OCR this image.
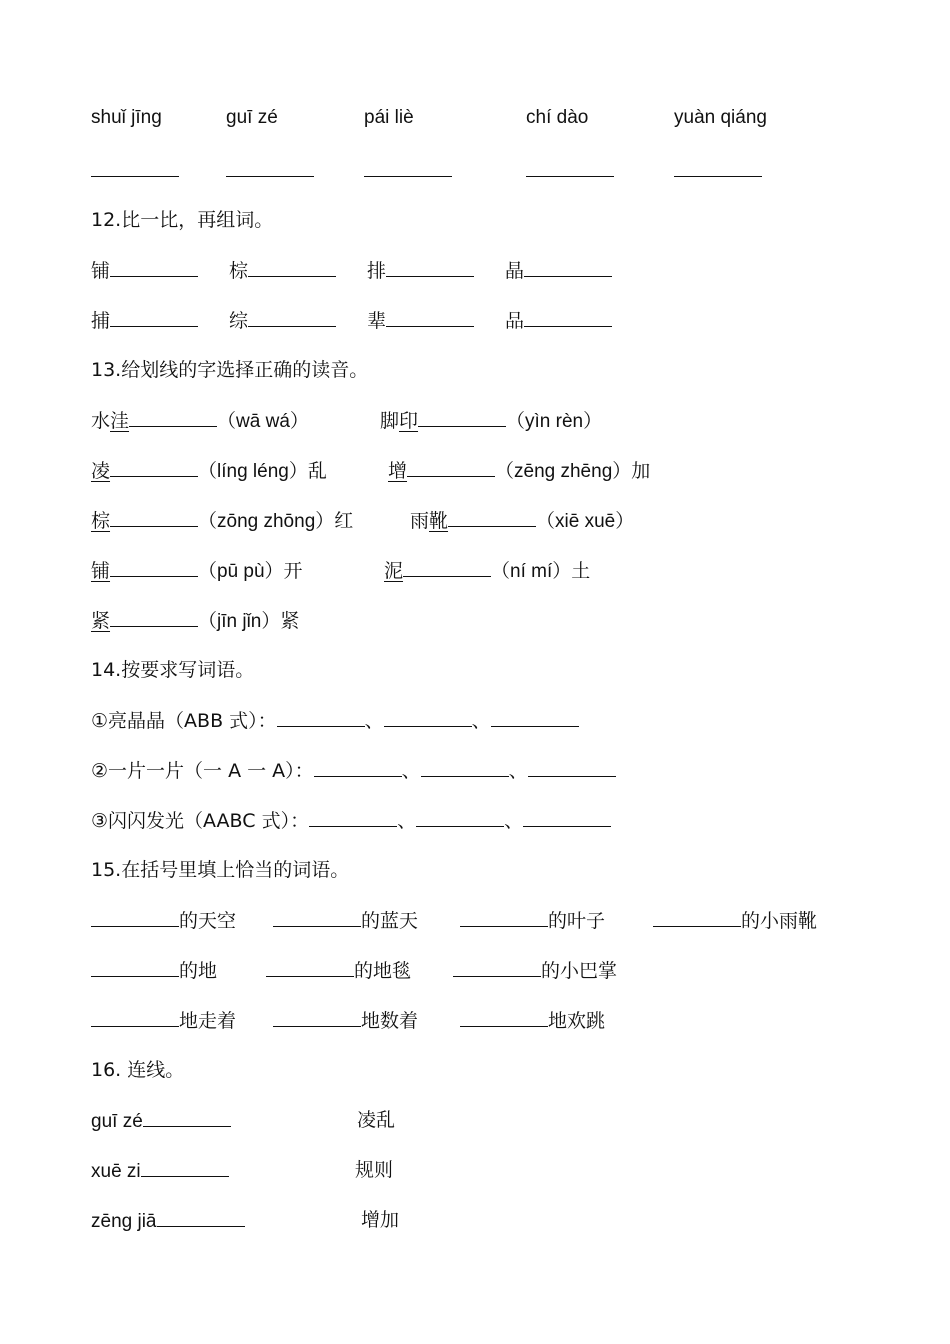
shuǐ jīng	guī zé	pái liè	chí dào	yuàn qiáng
12.比一比，再组词。
铺	棕	排	晶
捕	综	辈	品
13.给划线的字选择正确的读音。
水洼	（wā wá）	脚印	（yìn rèn）
凌	（líng léng）乱	增	（zēng zhēng）加
棕	（zōng zhōng）红	雨靴	（xiē xuē）
铺	（pū pù）开	泥	（ní mí）土
紧	（jīn jǐn）紧
14.按要求写词语。
①亮晶晶（ABB 式）：	、	、
②一片一片（一 A 一 A）：	、	、
③闪闪发光（AABC 式）：	、	、
15.在括号里填上恰当的词语。
的天空	的蓝天	的叶子	的小雨靴
的地	的地毯	的小巴掌
地走着	地数着	地欢跳
16. 连线。
guī zé	凌乱
xuē zi	规则
zēng jiā	增加
